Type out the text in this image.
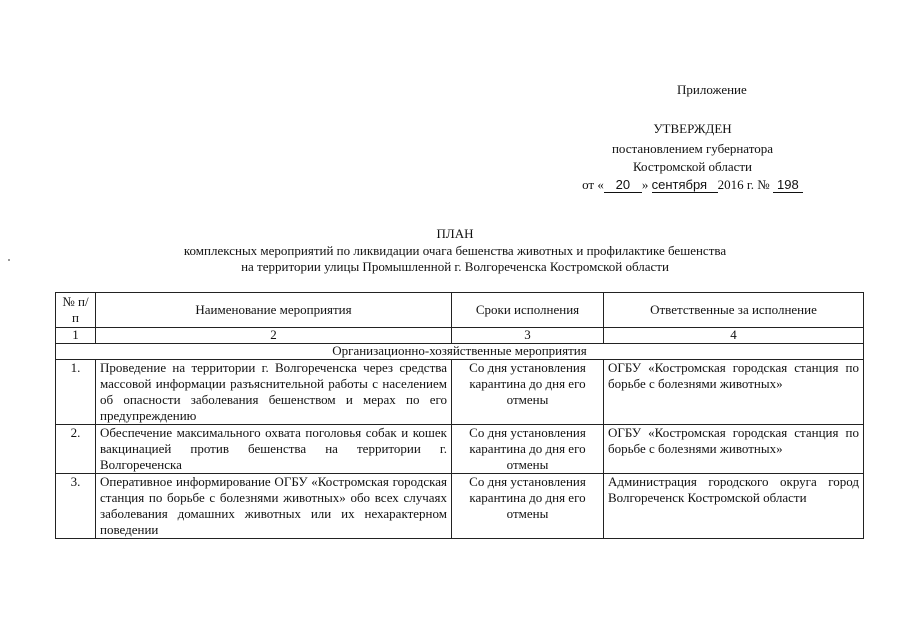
Приложение
УТВЕРЖДЕН
постановлением губернатора
Костромской области
от « 20 » сентября 2016 г. № 198
ПЛАН
комплексных мероприятий по ликвидации очага бешенства животных и профилактике бешенства
на территории улицы Промышленной г. Волгореченска Костромской области
№ п/п	Наименование мероприятия	Сроки исполнения	Ответственные за исполнение
1	2	3	4
Организационно-хозяйственные мероприятия			
1.	Проведение на территории г. Волгореченска через средства массовой информации разъяснительной работы с населением об опасности заболевания бешенством и мерах по его предупреждению	Со дня установления карантина до дня его отмены	ОГБУ «Костромская городская станция по борьбе с болезнями животных»
2.	Обеспечение максимального охвата поголовья собак и кошек вакцинацией против бешенства на территории г. Волгореченска	Со дня установления карантина до дня его отмены	ОГБУ «Костромская городская станция по борьбе с болезнями животных»
3.	Оперативное информирование ОГБУ «Костромская городская станция по борьбе с болезнями животных» обо всех случаях заболевания домашних животных или их нехарактерном поведении	Со дня установления карантина до дня его отмены	Администрация городского округа город Волгореченск Костромской области
